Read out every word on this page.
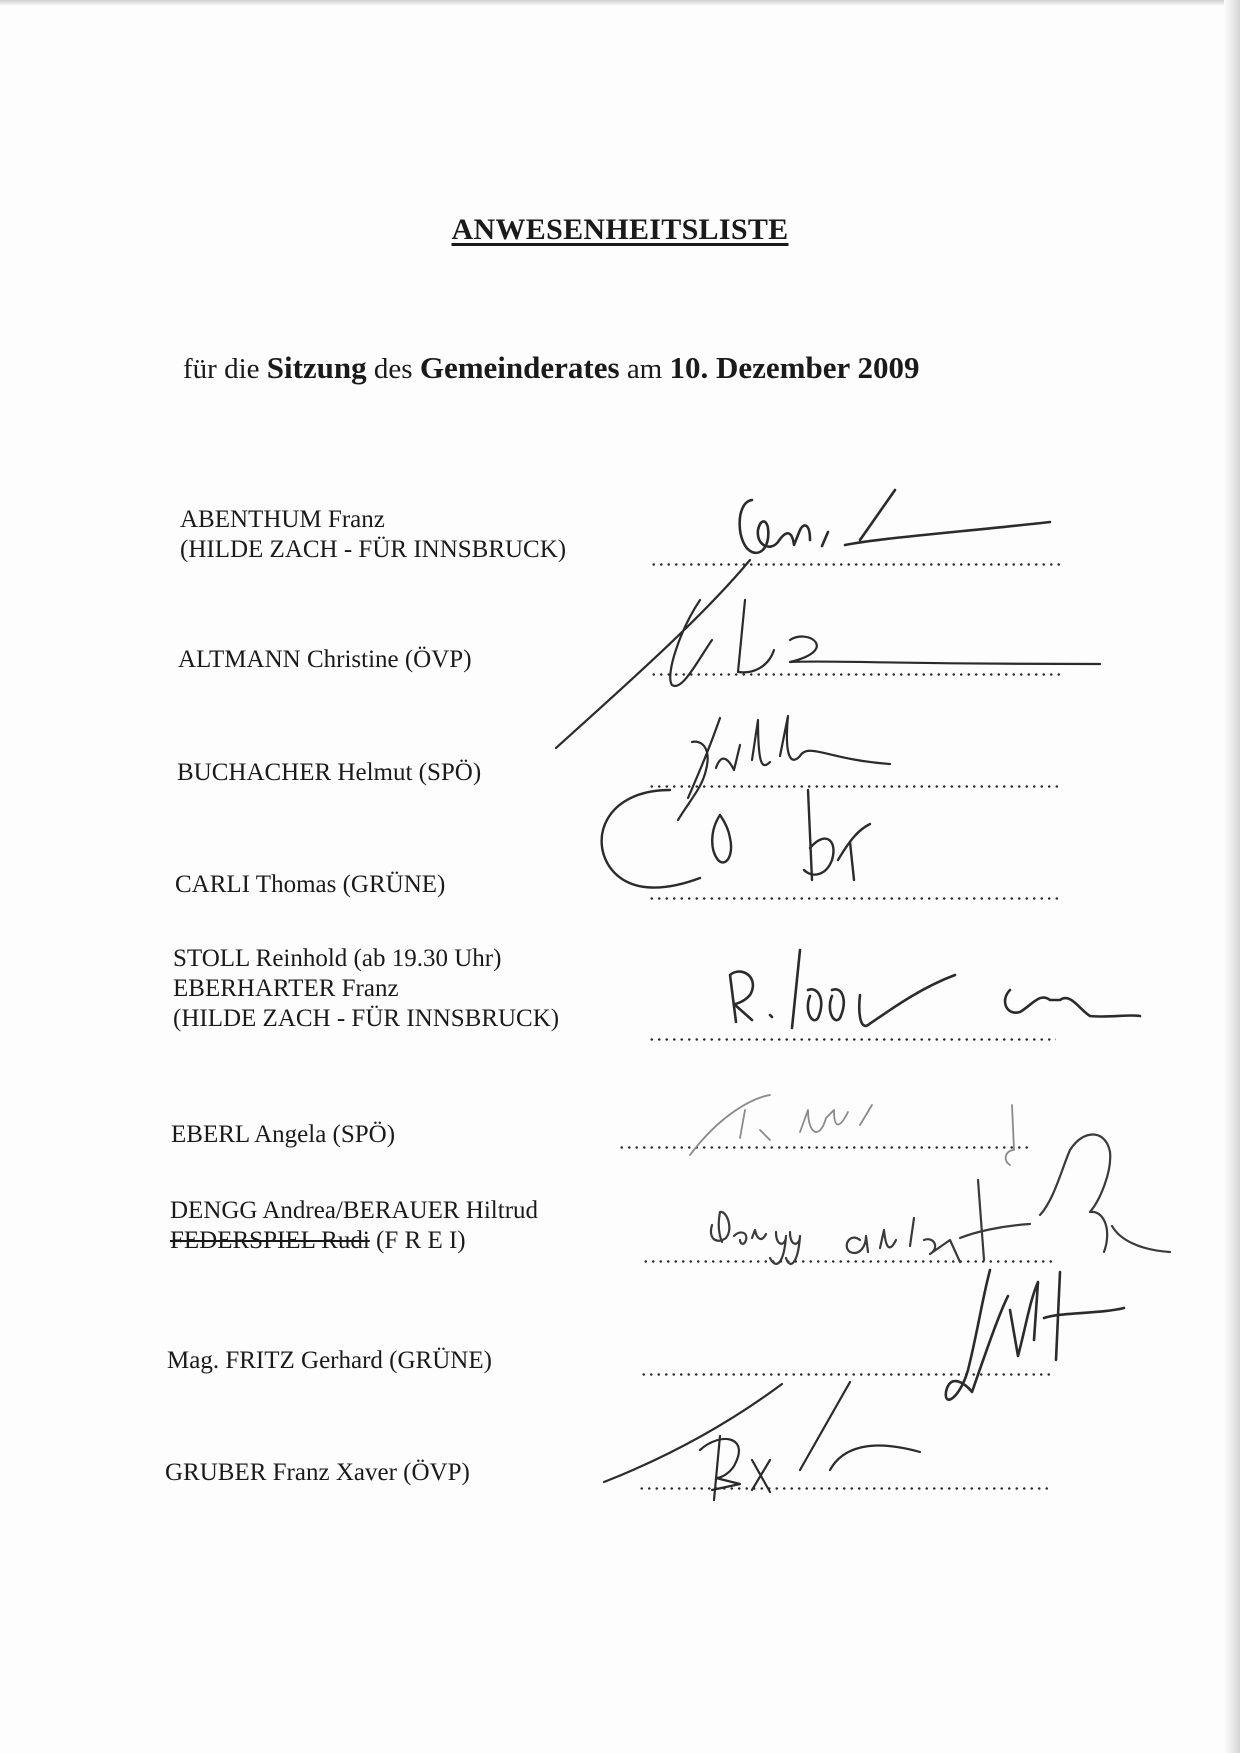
ANWESENHEITSLISTE
für die Sitzung des Gemeinderates am 10. Dezember 2009
ABENTHUM Franz
(HILDE ZACH - FÜR INNSBRUCK)
ALTMANN Christine (ÖVP)
BUCHACHER Helmut (SPÖ)
CARLI Thomas (GRÜNE)
STOLL Reinhold (ab 19.30 Uhr)
EBERHARTER Franz
(HILDE ZACH - FÜR INNSBRUCK)
EBERL Angela (SPÖ)
DENGG Andrea/BERAUER Hiltrud
FEDERSPIEL Rudi (F R E I)
Mag. FRITZ Gerhard (GRÜNE)
GRUBER Franz Xaver (ÖVP)
